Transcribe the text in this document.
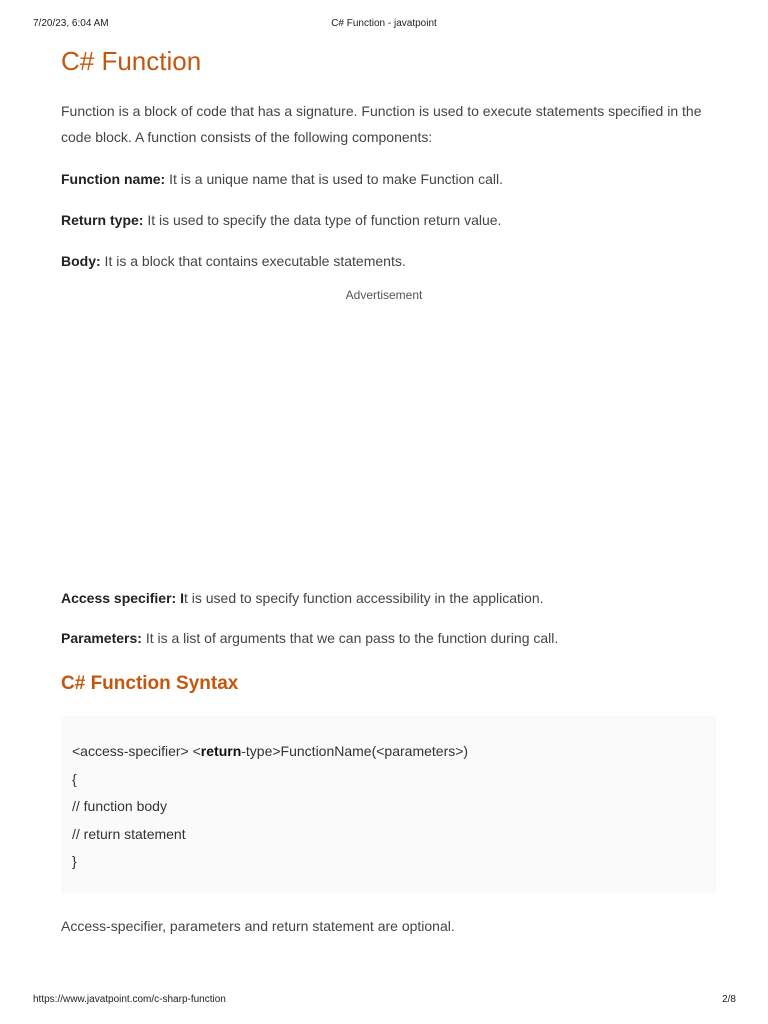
7/20/23, 6:04 AM	C# Function - javatpoint
C# Function

Function is a block of code that has a signature. Function is used to execute statements specified in the code block. A function consists of the following components:

Function name: It is a unique name that is used to make Function call.

Return type: It is used to specify the data type of function return value.

Body: It is a block that contains executable statements.

Advertisement

Access specifier: It is used to specify function accessibility in the application.

Parameters: It is a list of arguments that we can pass to the function during call.

C# Function Syntax
<access-specifier> <return-type>FunctionName(<parameters>)
{
// function body
// return statement
}

Access-specifier, parameters and return statement are optional.

https://www.javatpoint.com/c-sharp-function	2/8
